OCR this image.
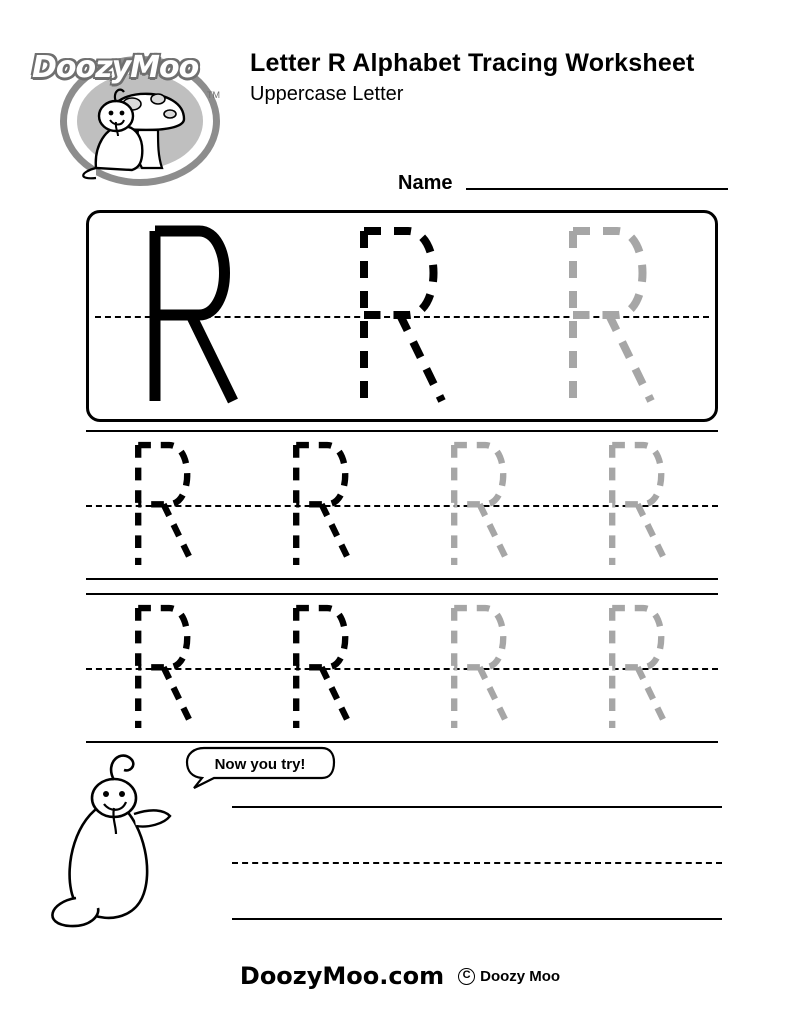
DoozyMoo
TM
Letter R Alphabet Tracing Worksheet
Uppercase Letter
Name
Now you try!
DoozyMoo.com	C Doozy Moo
